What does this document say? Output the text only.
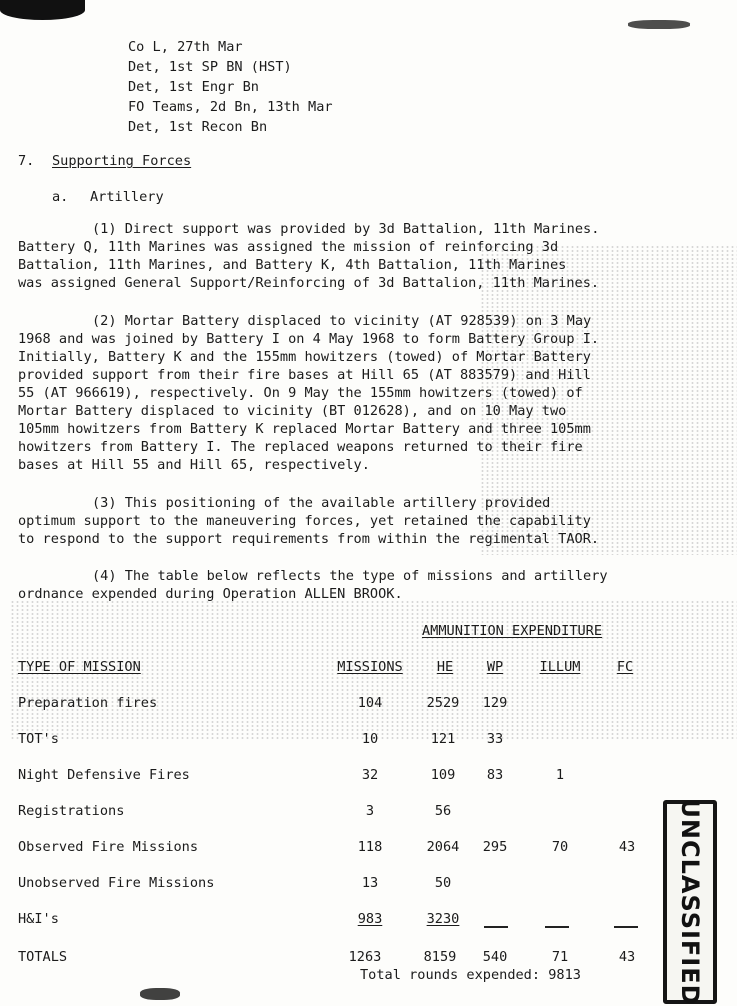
Co L, 27th Mar
Det, 1st SP BN (HST)
Det, 1st Engr Bn
FO Teams, 2d Bn, 13th Mar
Det, 1st Recon Bn
7. Supporting Forces
a. Artillery
(1) Direct support was provided by 3d Battalion, 11th Marines.
Battery Q, 11th Marines was assigned the mission of reinforcing 3d
Battalion, 11th Marines, and Battery K, 4th Battalion, 11th Marines
was assigned General Support/Reinforcing of 3d Battalion, 11th Marines.
(2) Mortar Battery displaced to vicinity (AT 928539) on 3 May
1968 and was joined by Battery I on 4 May 1968 to form Battery Group I.
Initially, Battery K and the 155mm howitzers (towed) of Mortar Battery
provided support from their fire bases at Hill 65 (AT 883579) and Hill
55 (AT 966619), respectively. On 9 May the 155mm howitzers (towed) of
Mortar Battery displaced to vicinity (BT 012628), and on 10 May two
105mm howitzers from Battery K replaced Mortar Battery and three 105mm
howitzers from Battery I. The replaced weapons returned to their fire
bases at Hill 55 and Hill 65, respectively.
(3) This positioning of the available artillery provided
optimum support to the maneuvering forces, yet retained the capability
to respond to the support requirements from within the regimental TAOR.
(4) The table below reflects the type of missions and artillery
ordnance expended during Operation ALLEN BROOK.
AMMUNITION EXPENDITURE
TYPE OF MISSION	MISSIONS	HE	WP	ILLUM	FC
Preparation fires	104	2529	129
TOT's	10	121	33
Night Defensive Fires	32	109	83	1
Registrations	3	56
Observed Fire Missions	118	2064	295	70	43
Unobserved Fire Missions	13	50
H&I's	983	3230
TOTALS	1263	8159	540	71	43
Total rounds expended: 9813	UNCLASSIFIED
